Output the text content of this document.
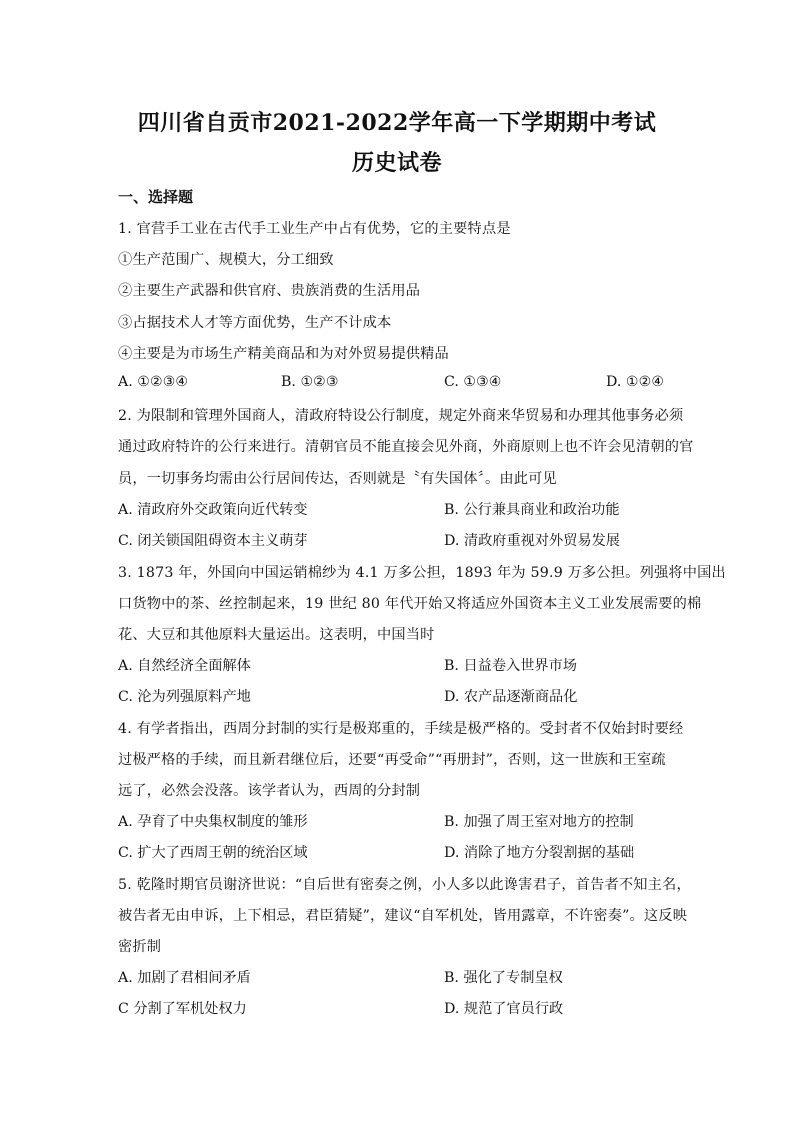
四川省自贡市2021-2022学年高一下学期期中考试
历史试卷
一、选择题
1. 官营手工业在古代手工业生产中占有优势，它的主要特点是
①生产范围广、规模大，分工细致
②主要生产武器和供官府、贵族消费的生活用品
③占据技术人才等方面优势，生产不计成本
④主要是为市场生产精美商品和为对外贸易提供精品
A. ①②③④	B. ①②③	C. ①③④	D. ①②④
2. 为限制和管理外国商人，清政府特设公行制度，规定外商来华贸易和办理其他事务必须
通过政府特许的公行来进行。清朝官员不能直接会见外商，外商原则上也不许会见清朝的官
员，一切事务均需由公行居间传达，否则就是〝有失国体〞。由此可见
A. 清政府外交政策向近代转变	B. 公行兼具商业和政治功能
C. 闭关锁国阻碍资本主义萌芽	D. 清政府重视对外贸易发展
3. 1873 年，外国向中国运销棉纱为 4.1 万多公担，1893 年为 59.9 万多公担。列强将中国出
口货物中的茶、丝控制起来，19 世纪 80 年代开始又将适应外国资本主义工业发展需要的棉
花、大豆和其他原料大量运出。这表明，中国当时
A. 自然经济全面解体	B. 日益卷入世界市场
C. 沦为列强原料产地	D. 农产品逐渐商品化
4. 有学者指出，西周分封制的实行是极郑重的，手续是极严格的。受封者不仅始封时要经
过极严格的手续，而且新君继位后，还要“再受命”“再册封”，否则，这一世族和王室疏
远了，必然会没落。该学者认为，西周的分封制
A. 孕育了中央集权制度的雏形	B. 加强了周王室对地方的控制
C. 扩大了西周王朝的统治区域	D. 消除了地方分裂割据的基础
5. 乾隆时期官员谢济世说：“自后世有密奏之例，小人多以此谗害君子，首告者不知主名，
被告者无由申诉，上下相忌，君臣猜疑”，建议“自军机处，皆用露章，不许密奏”。这反映
密折制
A. 加剧了君相间矛盾	B. 强化了专制皇权
C 分割了军机处权力	D. 规范了官员行政
